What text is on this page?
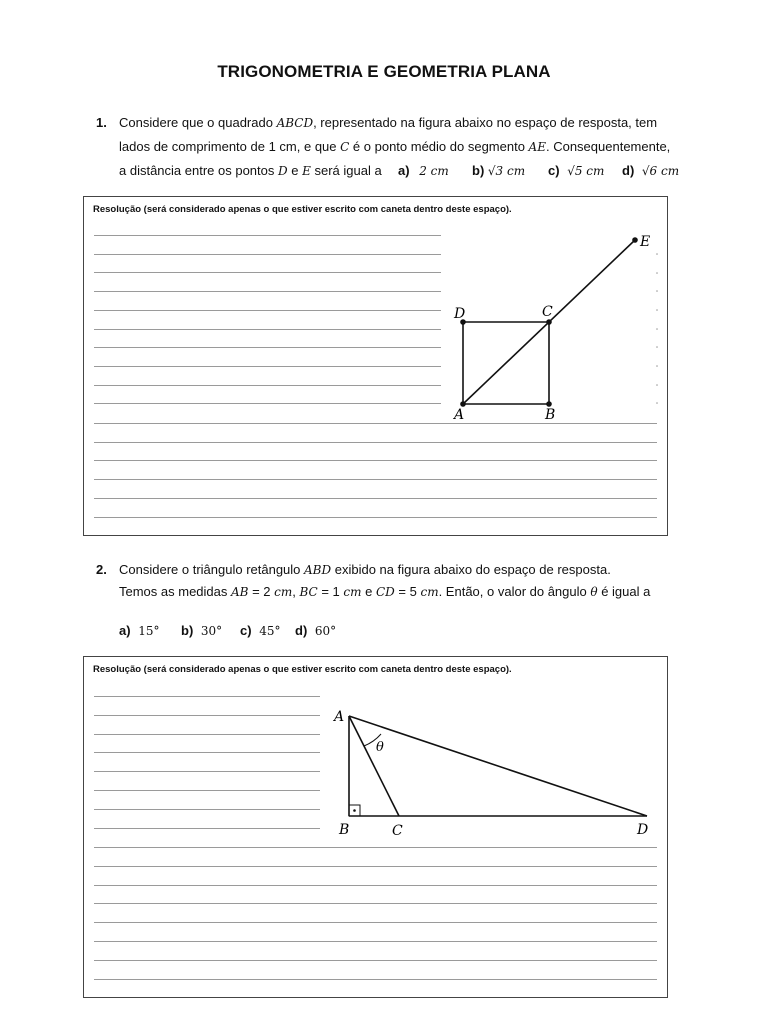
TRIGONOMETRIA E GEOMETRIA PLANA
1. Considere que o quadrado ABCD, representado na figura abaixo no espaço de resposta, tem
lados de comprimento de 1 cm, e que C é o ponto médio do segmento AE. Consequentemente,
a distância entre os pontos D e E será igual a a) 2 cm b) √3 cm c) √5 cm d) √6 cm
Resolução (será considerado apenas o que estiver escrito com caneta dentro deste espaço).
A	B
C
D
E
2. Considere o triângulo retângulo ABD exibido na figura abaixo do espaço de resposta.
Temos as medidas AB = 2 cm, BC = 1 cm e CD = 5 cm. Então, o valor do ângulo θ é igual a
a) 15° b) 30° c) 45° d) 60°
Resolução (será considerado apenas o que estiver escrito com caneta dentro deste espaço).
A
B	C	D
θ
